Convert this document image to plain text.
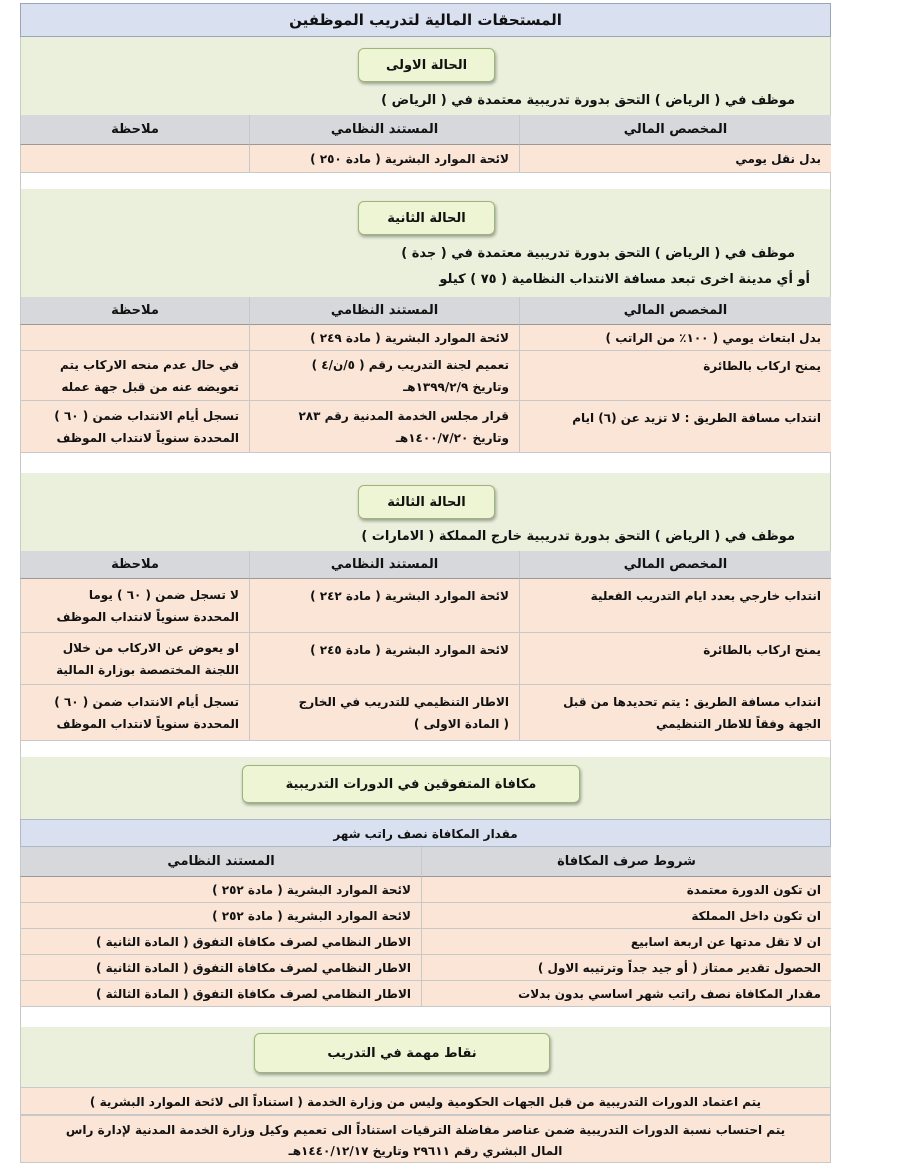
المستحقات المالية لتدريب الموظفين
الحالة الاولى
موظف في ( الرياض ) التحق بدورة تدريبية معتمدة في ( الرياض )
المخصص المالي
المستند النظامي
ملاحظة
بدل نقل يومي
لائحة الموارد البشرية ( مادة ٢٥٠ )
الحالة الثانية
موظف في ( الرياض ) التحق بدورة تدريبية معتمدة في ( جدة )
أو أي مدينة اخرى تبعد مسافة الانتداب النظامية ( ٧٥ ) كيلو
المخصص المالي
المستند النظامي
ملاحظة
بدل ابتعاث يومي ( ١٠٠٪ من الراتب )
لائحة الموارد البشرية ( مادة ٢٤٩ )
يمنح اركاب بالطائرة
تعميم لجنة التدريب رقم ( ٥/ن/٤ )
وتاريخ ١٣٩٩/٢/٩هـ
في حال عدم منحه الاركاب يتم
تعويضه عنه من قبل جهة عمله
انتداب مسافة الطريق : لا تزيد عن (٦) ايام
قرار مجلس الخدمة المدنية رقم ٢٨٣
وتاريخ ١٤٠٠/٧/٢٠هـ
تسجل أيام الانتداب ضمن ( ٦٠ )
المحددة سنوياً لانتداب الموظف
الحالة الثالثة
موظف في ( الرياض ) التحق بدورة تدريبية خارج المملكة ( الامارات )
المخصص المالي
المستند النظامي
ملاحظة
انتداب خارجي بعدد ايام التدريب الفعلية
لائحة الموارد البشرية ( مادة ٢٤٢ )
لا تسجل ضمن ( ٦٠ ) يوما
المحددة سنوياً لانتداب الموظف
يمنح اركاب بالطائرة
لائحة الموارد البشرية ( مادة ٢٤٥ )
او يعوض عن الاركاب من خلال
اللجنة المختصصة بوزارة المالية
انتداب مسافة الطريق : يتم تحديدها من قبل
الجهة وفقاً للاطار التنظيمي
الاطار التنظيمي للتدريب في الخارج
( المادة الاولى )
تسجل أيام الانتداب ضمن ( ٦٠ )
المحددة سنوياً لانتداب الموظف
مكافاة المتفوقين في الدورات التدريبية
مقدار المكافاة نصف راتب شهر
شروط صرف المكافاة
المستند النظامي
ان تكون الدورة معتمدة
لائحة الموارد البشرية ( مادة ٢٥٢ )
ان تكون داخل المملكة
لائحة الموارد البشرية ( مادة ٢٥٢ )
ان لا تقل مدتها عن اربعة اسابيع
الاطار النظامي لصرف مكافاة التفوق ( المادة الثانية )
الحصول تقدير ممتاز ( أو جيد جداً وترتيبه الاول )
الاطار النظامي لصرف مكافاة التفوق ( المادة الثانية )
مقدار المكافاة نصف راتب شهر اساسي بدون بدلات
الاطار النظامي لصرف مكافاة التفوق ( المادة الثالثة )
نقاط مهمة في التدريب
يتم اعتماد الدورات التدريبية من قبل الجهات الحكومية وليس من وزارة الخدمة ( استناداً الى لائحة الموارد البشرية )
يتم احتساب نسبة الدورات التدريبية ضمن عناصر مفاضلة الترقيات استناداً الى تعميم وكيل وزارة الخدمة المدنية لإدارة راس
المال البشري رقم ٢٩٦١١ وتاريخ ١٤٤٠/١٢/١٧هـ
